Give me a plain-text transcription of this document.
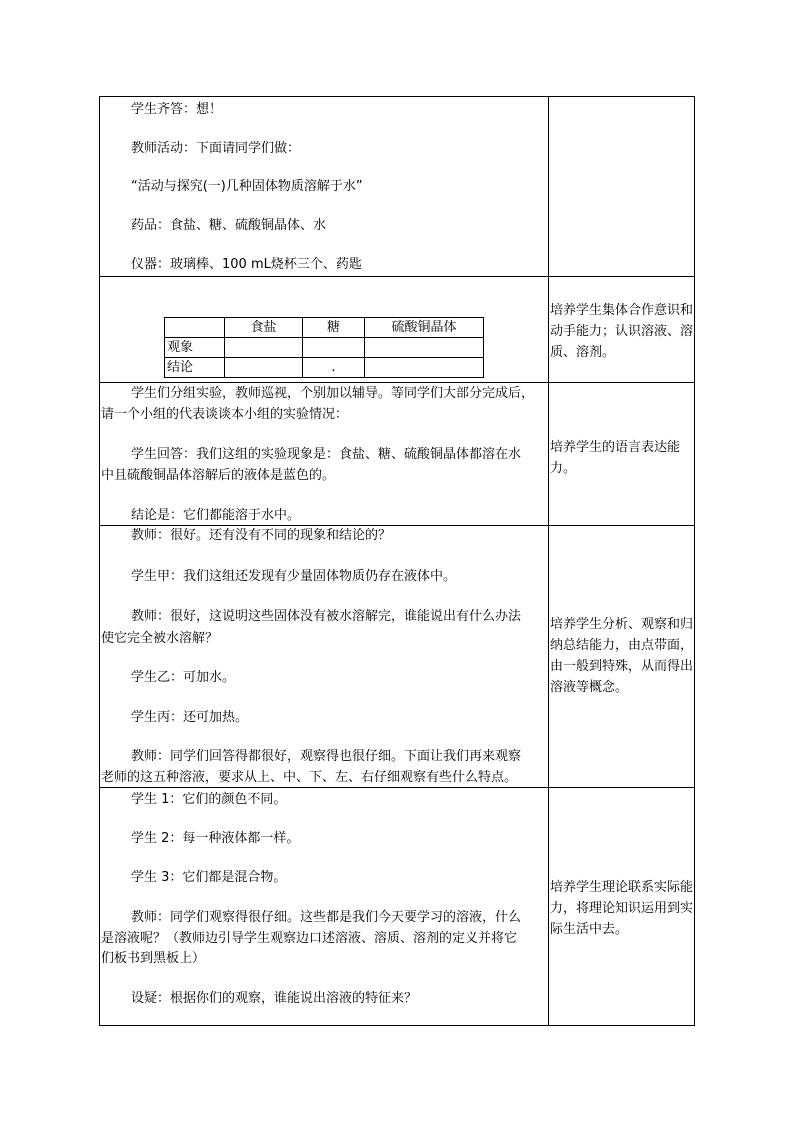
学生齐答：想！
教师活动：下面请同学们做：
“活动与探究(一)几种固体物质溶解于水”
药品：食盐、糖、硫酸铜晶体、水
仪器：玻璃棒、100 mL烧杯三个、药匙
	食盐	糖	硫酸铜晶体
观象			
结论		.	
培养学生集体合作意识和动手能力；认识溶液、溶质、溶剂。
学生们分组实验，教师巡视，个别加以辅导。等同学们大部分完成后，
请一个小组的代表谈谈本小组的实验情况：
学生回答：我们这组的实验现象是：食盐、糖、硫酸铜晶体都溶在水
中且硫酸铜晶体溶解后的液体是蓝色的。
结论是：它们都能溶于水中。
培养学生的语言表达能力。
教师：很好。还有没有不同的现象和结论的？
学生甲：我们这组还发现有少量固体物质仍存在液体中。
教师：很好，这说明这些固体没有被水溶解完，谁能说出有什么办法
使它完全被水溶解？
学生乙：可加水。
学生丙：还可加热。
教师：同学们回答得都很好，观察得也很仔细。下面让我们再来观察
老师的这五种溶液，要求从上、中、下、左、右仔细观察有些什么特点。
培养学生分析、观察和归纳总结能力，由点带面，由一般到特殊，从而得出溶液等概念。
学生 1：它们的颜色不同。
学生 2：每一种液体都一样。
学生 3：它们都是混合物。
教师：同学们观察得很仔细。这些都是我们今天要学习的溶液，什么
是溶液呢？（教师边引导学生观察边口述溶液、溶质、溶剂的定义并将它
们板书到黑板上）
设疑：根据你们的观察，谁能说出溶液的特征来？
培养学生理论联系实际能力，将理论知识运用到实际生活中去。
